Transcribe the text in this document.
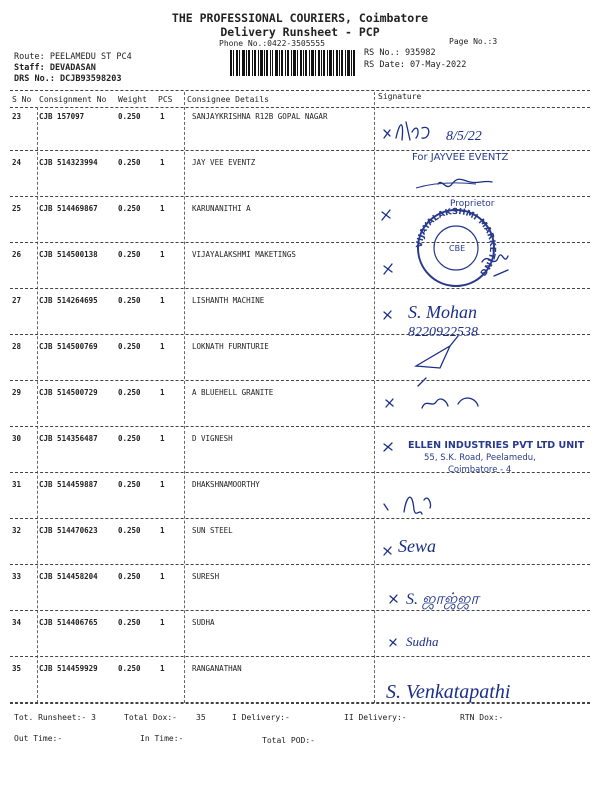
THE PROFESSIONAL COURIERS, Coimbatore
Delivery Runsheet - PCP
Phone No.:0422-3505555	Page No.:3
Route: PEELAMEDU ST PC4
Staff: DEVADASAN
DRS No.: DCJB93598203
RS No.: 935982
RS Date: 07-May-2022
S No Consignment No Weight PCS Consignee Details	Signature
23 CJB 157097	0.250	1	SANJAYKRISHNA R12B GOPAL NAGAR
24 CJB 514323994	0.250	1	JAY VEE EVENTZ
25 CJB 514469867	0.250	1	KARUNANITHI A
26 CJB 514500138	0.250	1	VIJAYALAKSHMI MAKETINGS
27 CJB 514264695	0.250	1	LISHANTH MACHINE
28 CJB 514500769	0.250	1	LOKNATH FURNTURIE
29 CJB 514500729	0.250	1	A BLUEHELL GRANITE
30 CJB 514356487	0.250	1	D VIGNESH
31 CJB 514459887	0.250	1	DHAKSHNAMOORTHY
32 CJB 514470623	0.250	1	SUN STEEL
33 CJB 514458204	0.250	1	SURESH
34 CJB 514406765	0.250	1	SUDHA
35 CJB 514459929	0.250	1	RANGANATHAN
8/5/22
S. Mohan
8220922538
Sewa
S. ஜாஜ்ஜா
Sudha
S. Venkatapathi
For JAYVEE EVENTZ
Proprietor
VIJAYALAKSHMI MARKETING
CBE
ELLEN INDUSTRIES PVT LTD UNIT
55, S.K. Road, Peelamedu,
Coimbatore - 4
Tot. Runsheet:- 3	Total Dox:- 35	I Delivery:-	II Delivery:-	RTN Dox:-
Out Time:-	In Time:-	Total POD:-
